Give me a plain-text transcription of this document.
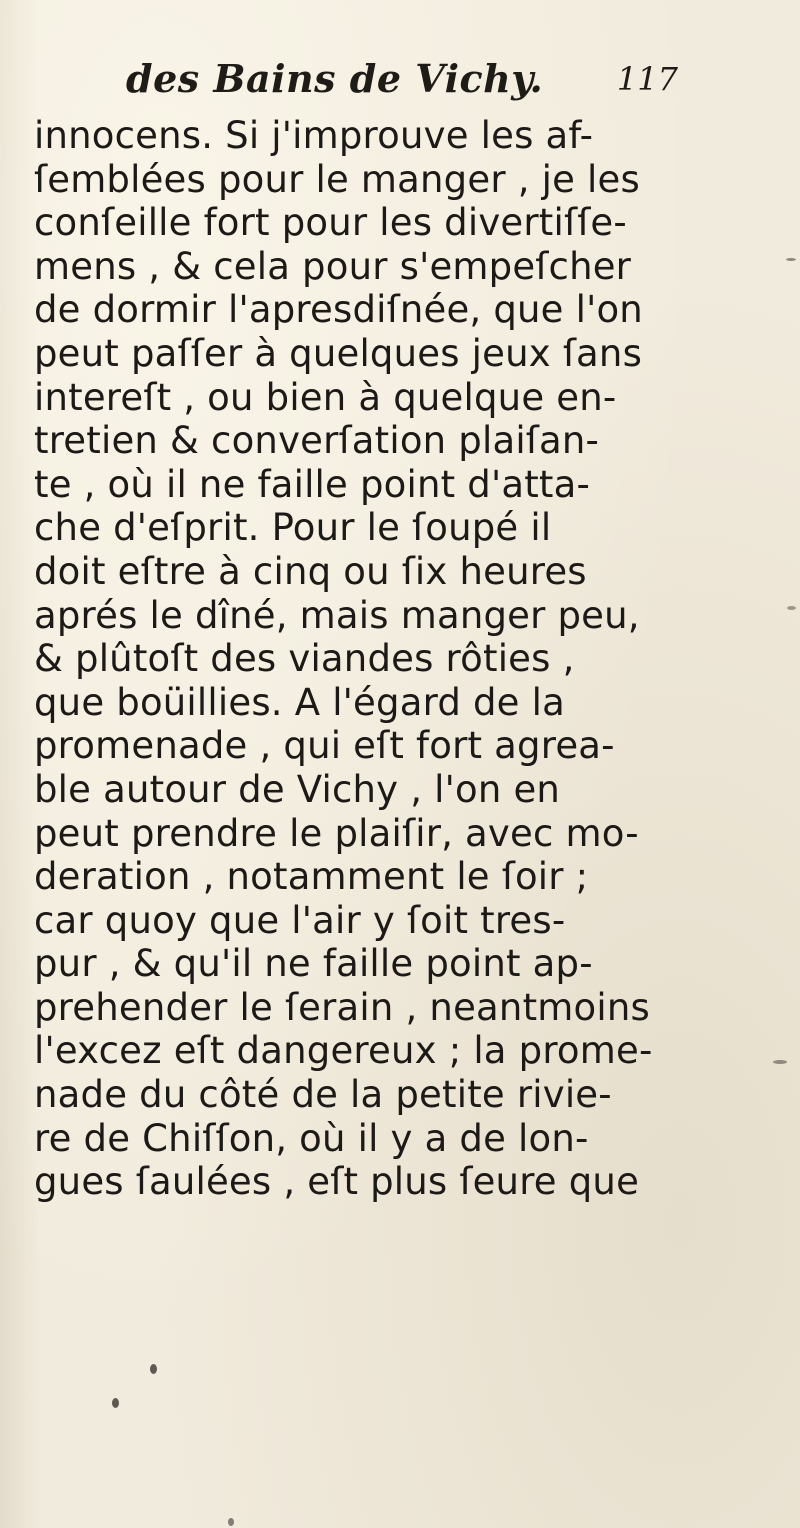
des Bains de Vichy. 117
innocens. Si j'improuve les af-
ſemblées pour le manger , je les
conſeille fort pour les divertiſſe-
mens , & cela pour s'empeſcher
de dormir l'apresdiſnée, que l'on
peut paſſer à quelques jeux ſans
intereſt , ou bien à quelque en-
tretien & converſation plaiſan-
te , où il ne faille point d'atta-
che d'eſprit. Pour le ſoupé il
doit eſtre à cinq ou ſix heures
aprés le dîné, mais manger peu,
& plûtoſt des viandes rôties ,
que boüillies. A l'égard de la
promenade , qui eſt fort agrea-
ble autour de Vichy , l'on en
peut prendre le plaiſir, avec mo-
deration , notamment le ſoir ;
car quoy que l'air y ſoit tres-
pur , & qu'il ne faille point ap-
prehender le ſerain , neantmoins
l'excez eſt dangereux ; la prome-
nade du côté de la petite rivie-
re de Chiſſon, où il y a de lon-
gues ſaulées , eſt plus ſeure que
